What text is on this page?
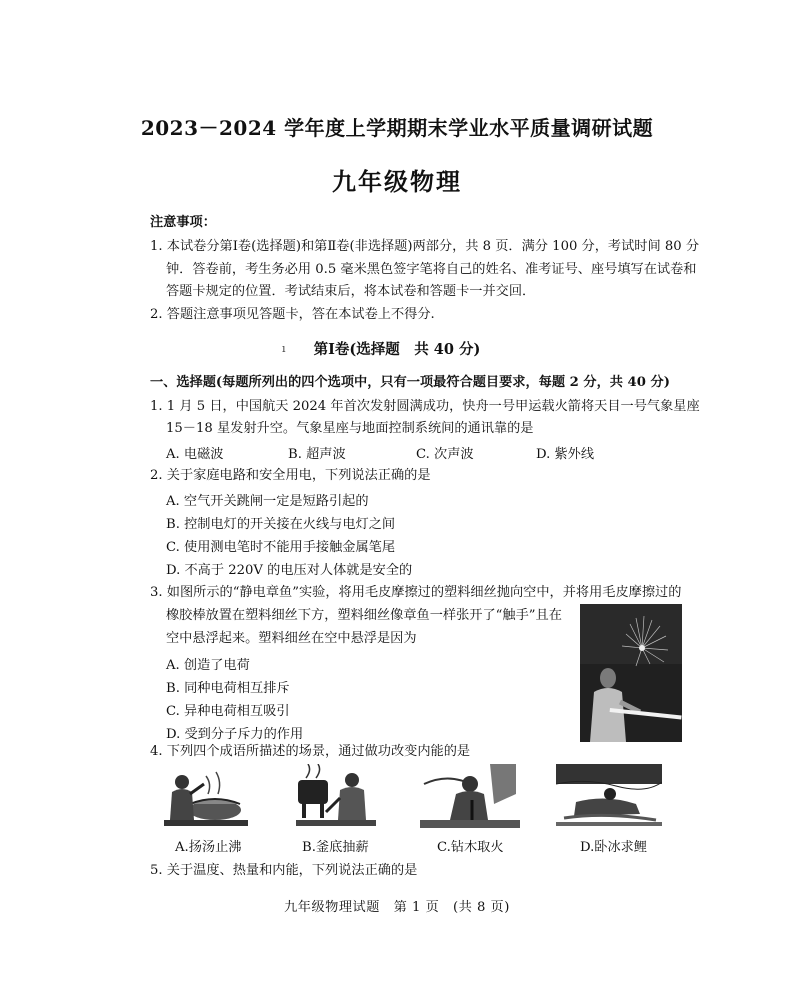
2023－2024 学年度上学期期末学业水平质量调研试题
九年级物理
注意事项：
1. 本试卷分第Ⅰ卷(选择题)和第Ⅱ卷(非选择题)两部分，共 8 页．满分 100 分，考试时间 80 分钟．答卷前，考生务必用 0.5 毫米黑色签字笔将自己的姓名、准考证号、座号填写在试卷和答题卡规定的位置．考试结束后，将本试卷和答题卡一并交回．
2. 答题注意事项见答题卡，答在本试卷上不得分.
ı	第Ⅰ卷(选择题　共 40 分)
一、选择题(每题所列出的四个选项中，只有一项最符合题目要求，每题 2 分，共 40 分)
1. 1 月 5 日，中国航天 2024 年首次发射圆满成功，快舟一号甲运载火箭将天目一号气象星座
15－18 星发射升空。气象星座与地面控制系统间的通讯靠的是
A. 电磁波	B. 超声波	C. 次声波	D. 紫外线
2. 关于家庭电路和安全用电，下列说法正确的是
A. 空气开关跳闸一定是短路引起的
B. 控制电灯的开关接在火线与电灯之间
C. 使用测电笔时不能用手接触金属笔尾
D. 不高于 220V 的电压对人体就是安全的
3. 如图所示的“静电章鱼”实验，将用毛皮摩擦过的塑料细丝抛向空中，并将用毛皮摩擦过的
橡胶棒放置在塑料细丝下方，塑料细丝像章鱼一样张开了“触手”且在
空中悬浮起来。塑料细丝在空中悬浮是因为
A. 创造了电荷
B. 同种电荷相互排斥
C. 异种电荷相互吸引
D. 受到分子斥力的作用
4. 下列四个成语所描述的场景，通过做功改变内能的是
A.扬汤止沸	B.釜底抽薪	C.钻木取火	D.卧冰求鲤
5. 关于温度、热量和内能，下列说法正确的是
九年级物理试题　第 1 页　(共 8 页)
